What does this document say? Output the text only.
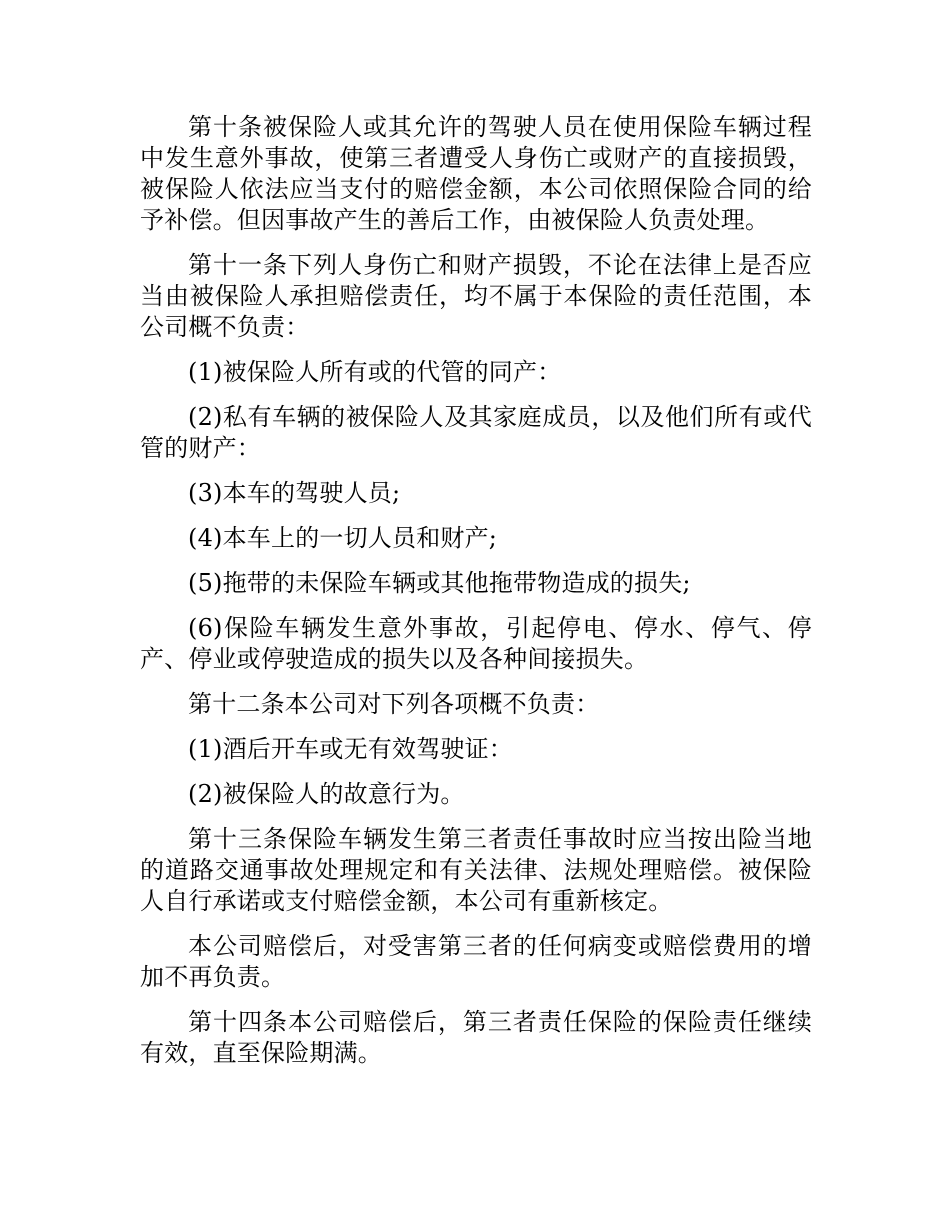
第十条被保险人或其允许的驾驶人员在使用保险车辆过程中发生意外事故，使第三者遭受人身伤亡或财产的直接损毁，被保险人依法应当支付的赔偿金额，本公司依照保险合同的给予补偿。但因事故产生的善后工作，由被保险人负责处理。

第十一条下列人身伤亡和财产损毁，不论在法律上是否应当由被保险人承担赔偿责任，均不属于本保险的责任范围，本公司概不负责：

(1)被保险人所有或的代管的同产：

(2)私有车辆的被保险人及其家庭成员，以及他们所有或代管的财产：

(3)本车的驾驶人员;

(4)本车上的一切人员和财产;

(5)拖带的未保险车辆或其他拖带物造成的损失;

(6)保险车辆发生意外事故，引起停电、停水、停气、停产、停业或停驶造成的损失以及各种间接损失。

第十二条本公司对下列各项概不负责：

(1)酒后开车或无有效驾驶证：

(2)被保险人的故意行为。

第十三条保险车辆发生第三者责任事故时应当按出险当地的道路交通事故处理规定和有关法律、法规处理赔偿。被保险人自行承诺或支付赔偿金额，本公司有重新核定。

本公司赔偿后，对受害第三者的任何病变或赔偿费用的增加不再负责。

第十四条本公司赔偿后，第三者责任保险的保险责任继续有效，直至保险期满。
